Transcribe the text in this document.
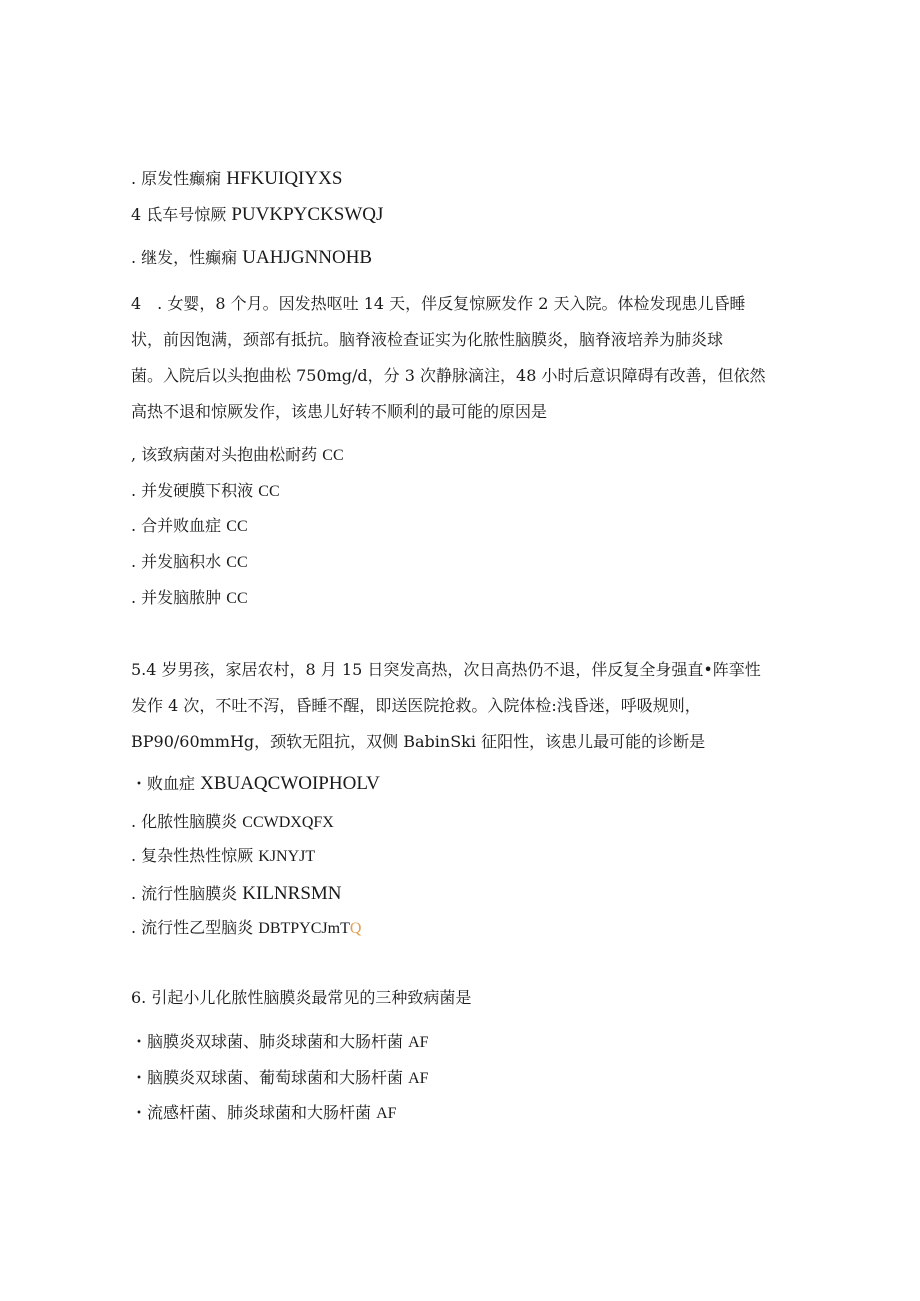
. 原发性癫痫 HFKUIQIYXS
4 氐车号惊厥 PUVKPYCKSWQJ
. 继发，性癫痫 UAHJGNNOHB
4　. 女婴，8 个月。因发热呕吐 14 天，伴反复惊厥发作 2 天入院。体检发现患儿昏睡
状，前因饱满，颈部有抵抗。脑脊液检查证实为化脓性脑膜炎，脑脊液培养为肺炎球
菌。入院后以头抱曲松 750mg∕d，分 3 次静脉滴注，48 小时后意识障碍有改善，但依然
高热不退和惊厥发作，该患儿好转不顺利的最可能的原因是
, 该致病菌对头抱曲松耐药 CC
. 并发硬膜下积液 CC
. 合并败血症 CC
. 并发脑积水 CC
. 并发脑脓肿 CC
5.4 岁男孩，家居农村，8 月 15 日突发高热，次日高热仍不退，伴反复全身强直•阵挛性
发作 4 次，不吐不泻，昏睡不醒，即送医院抢救。入院体检:浅昏迷，呼吸规则，
BP90∕60mmHg，颈软无阻抗，双侧 BabinSki 征阳性，该患儿最可能的诊断是
・败血症 XBUAQCWOIPHOLV
. 化脓性脑膜炎 CCWDXQFX
. 复杂性热性惊厥 KJNYJT
. 流行性脑膜炎 KILNRSMN
. 流行性乙型脑炎 DBTPYCJmTQ
6. 引起小儿化脓性脑膜炎最常见的三种致病菌是
・脑膜炎双球菌、肺炎球菌和大肠杆菌 AF
・脑膜炎双球菌、葡萄球菌和大肠杆菌 AF
・流感杆菌、肺炎球菌和大肠杆菌 AF
